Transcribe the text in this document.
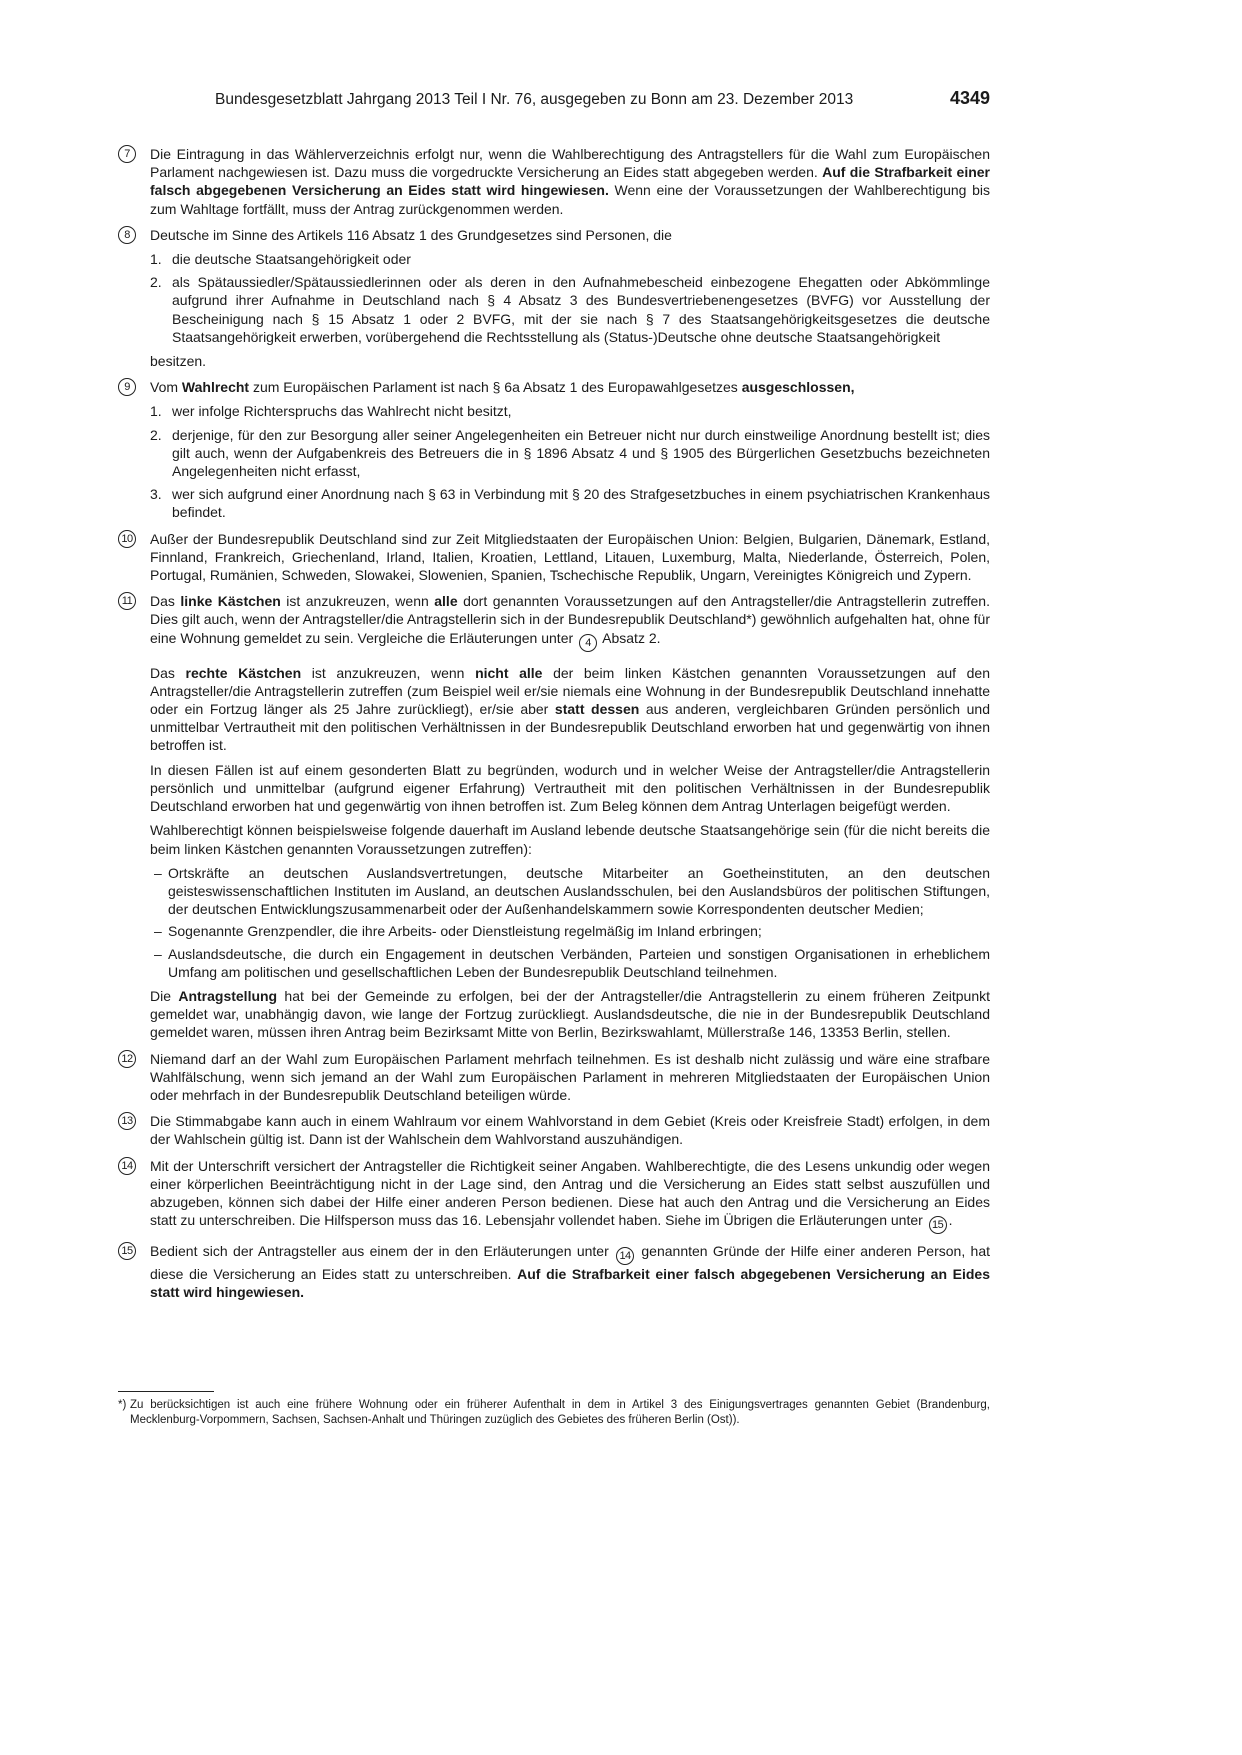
Bundesgesetzblatt Jahrgang 2013 Teil I Nr. 76, ausgegeben zu Bonn am 23. Dezember 2013	4349
7	Die Eintragung in das Wählerverzeichnis erfolgt nur, wenn die Wahlberechtigung des Antragstellers für die Wahl zum Europäischen Parlament nachgewiesen ist. Dazu muss die vorgedruckte Versicherung an Eides statt abgegeben werden. Auf die Strafbarkeit einer falsch abgegebenen Versicherung an Eides statt wird hingewiesen. Wenn eine der Voraussetzungen der Wahlberechtigung bis zum Wahltage fortfällt, muss der Antrag zurückgenommen werden.

8	Deutsche im Sinne des Artikels 116 Absatz 1 des Grundgesetzes sind Personen, die

1. die deutsche Staatsangehörigkeit oder
2. als Spätaussiedler/Spätaussiedlerinnen oder als deren in den Aufnahmebescheid einbezogene Ehegatten oder Abkömmlinge aufgrund ihrer Aufnahme in Deutschland nach § 4 Absatz 3 des Bundesvertriebenengesetzes (BVFG) vor Ausstellung der Bescheinigung nach § 15 Absatz 1 oder 2 BVFG, mit der sie nach § 7 des Staatsangehörigkeitsgesetzes die deutsche Staatsangehörigkeit erwerben, vorübergehend die Rechtsstellung als (Status-)Deutsche ohne deutsche Staatsangehörigkeit

besitzen.

9	Vom Wahlrecht zum Europäischen Parlament ist nach § 6a Absatz 1 des Europawahlgesetzes ausgeschlossen,

1. wer infolge Richterspruchs das Wahlrecht nicht besitzt,
2. derjenige, für den zur Besorgung aller seiner Angelegenheiten ein Betreuer nicht nur durch einstweilige Anordnung bestellt ist; dies gilt auch, wenn der Aufgabenkreis des Betreuers die in § 1896 Absatz 4 und § 1905 des Bürgerlichen Gesetzbuchs bezeichneten Angelegenheiten nicht erfasst,
3. wer sich aufgrund einer Anordnung nach § 63 in Verbindung mit § 20 des Strafgesetzbuches in einem psychiatrischen Krankenhaus befindet.
10 Außer der Bundesrepublik Deutschland sind zur Zeit Mitgliedstaaten der Europäischen Union: Belgien, Bulgarien, Dänemark, Estland, Finnland, Frankreich, Griechenland, Irland, Italien, Kroatien, Lettland, Litauen, Luxemburg, Malta, Niederlande, Österreich, Polen, Portugal, Rumänien, Schweden, Slowakei, Slowenien, Spanien, Tschechische Republik, Ungarn, Vereinigtes Königreich und Zypern.

11 Das linke Kästchen ist anzukreuzen, wenn alle dort genannten Voraussetzungen auf den Antragsteller/die Antragstellerin zutreffen. Dies gilt auch, wenn der Antragsteller/die Antragstellerin sich in der Bundesrepublik Deutschland*) gewöhnlich aufgehalten hat, ohne für eine Wohnung gemeldet zu sein. Vergleiche die Erläuterungen unter 4 Absatz 2.

Das rechte Kästchen ist anzukreuzen, wenn nicht alle der beim linken Kästchen genannten Voraussetzungen auf den Antragsteller/die Antragstellerin zutreffen (zum Beispiel weil er/sie niemals eine Wohnung in der Bundesrepublik Deutschland innehatte oder ein Fortzug länger als 25 Jahre zurückliegt), er/sie aber statt dessen aus anderen, vergleichbaren Gründen persönlich und unmittelbar Vertrautheit mit den politischen Verhältnissen in der Bundesrepublik Deutschland erworben hat und gegenwärtig von ihnen betroffen ist.

In diesen Fällen ist auf einem gesonderten Blatt zu begründen, wodurch und in welcher Weise der Antragsteller/die Antragstellerin persönlich und unmittelbar (aufgrund eigener Erfahrung) Vertrautheit mit den politischen Verhältnissen in der Bundesrepublik Deutschland erworben hat und gegenwärtig von ihnen betroffen ist. Zum Beleg können dem Antrag Unterlagen beigefügt werden.

Wahlberechtigt können beispielsweise folgende dauerhaft im Ausland lebende deutsche Staatsangehörige sein (für die nicht bereits die beim linken Kästchen genannten Voraussetzungen zutreffen):

– Ortskräfte an deutschen Auslandsvertretungen, deutsche Mitarbeiter an Goetheinstituten, an den deutschen geisteswissenschaftlichen Instituten im Ausland, an deutschen Auslandsschulen, bei den Auslandsbüros der politischen Stiftungen, der deutschen Entwicklungszusammenarbeit oder der Außenhandelskammern sowie Korrespondenten deutscher Medien;
– Sogenannte Grenzpendler, die ihre Arbeits- oder Dienstleistung regelmäßig im Inland erbringen;
– Auslandsdeutsche, die durch ein Engagement in deutschen Verbänden, Parteien und sonstigen Organisationen in erheblichem Umfang am politischen und gesellschaftlichen Leben der Bundesrepublik Deutschland teilnehmen.

Die Antragstellung hat bei der Gemeinde zu erfolgen, bei der der Antragsteller/die Antragstellerin zu einem früheren Zeitpunkt gemeldet war, unabhängig davon, wie lange der Fortzug zurückliegt. Auslandsdeutsche, die nie in der Bundesrepublik Deutschland gemeldet waren, müssen ihren Antrag beim Bezirksamt Mitte von Berlin, Bezirkswahlamt, Müllerstraße 146, 13353 Berlin, stellen.

12 Niemand darf an der Wahl zum Europäischen Parlament mehrfach teilnehmen. Es ist deshalb nicht zulässig und wäre eine strafbare Wahlfälschung, wenn sich jemand an der Wahl zum Europäischen Parlament in mehreren Mitgliedstaaten der Europäischen Union oder mehrfach in der Bundesrepublik Deutschland beteiligen würde.

13 Die Stimmabgabe kann auch in einem Wahlraum vor einem Wahlvorstand in dem Gebiet (Kreis oder Kreisfreie Stadt) erfolgen, in dem der Wahlschein gültig ist. Dann ist der Wahlschein dem Wahlvorstand auszuhändigen.

14 Mit der Unterschrift versichert der Antragsteller die Richtigkeit seiner Angaben. Wahlberechtigte, die des Lesens unkundig oder wegen einer körperlichen Beeinträchtigung nicht in der Lage sind, den Antrag und die Versicherung an Eides statt selbst auszufüllen und abzugeben, können sich dabei der Hilfe einer anderen Person bedienen. Diese hat auch den Antrag und die Versicherung an Eides statt zu unterschreiben. Die Hilfsperson muss das 16. Lebensjahr vollendet haben. Siehe im Übrigen die Erläuterungen unter 15 .

15 Bedient sich der Antragsteller aus einem der in den Erläuterungen unter 14 genannten Gründe der Hilfe einer anderen Person, hat diese die Versicherung an Eides statt zu unterschreiben. Auf die Strafbarkeit einer falsch abgegebenen Versicherung an Eides statt wird hingewiesen.

*) Zu berücksichtigen ist auch eine frühere Wohnung oder ein früherer Aufenthalt in dem in Artikel 3 des Einigungsvertrages genannten Gebiet (Brandenburg, Mecklenburg-Vorpommern, Sachsen, Sachsen-Anhalt und Thüringen zuzüglich des Gebietes des früheren Berlin (Ost)).
